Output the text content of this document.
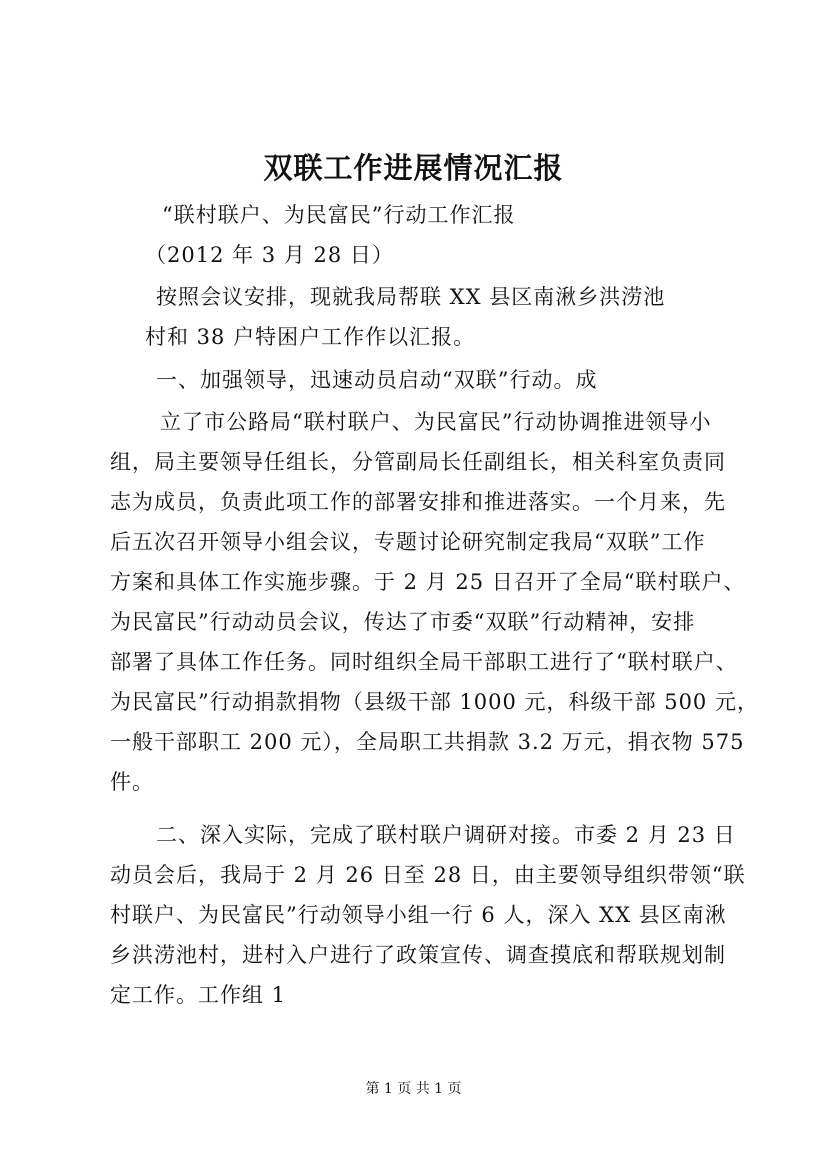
双联工作进展情况汇报
“联村联户、为民富民”行动工作汇报
（2012 年 3 月 28 日）
按照会议安排，现就我局帮联 XX 县区南湫乡洪涝池
村和 38 户特困户工作作以汇报。
一、加强领导，迅速动员启动“双联”行动。成
立了市公路局“联村联户、为民富民”行动协调推进领导小
组，局主要领导任组长，分管副局长任副组长，相关科室负责同
志为成员，负责此项工作的部署安排和推进落实。一个月来，先
后五次召开领导小组会议，专题讨论研究制定我局“双联”工作
方案和具体工作实施步骤。于 2 月 25 日召开了全局“联村联户、
为民富民”行动动员会议，传达了市委“双联”行动精神，安排
部署了具体工作任务。同时组织全局干部职工进行了“联村联户、
为民富民”行动捐款捐物（县级干部 1000 元，科级干部 500 元，
一般干部职工 200 元），全局职工共捐款 3.2 万元，捐衣物 575
件。
二、深入实际，完成了联村联户调研对接。市委 2 月 23 日
动员会后，我局于 2 月 26 日至 28 日，由主要领导组织带领“联
村联户、为民富民”行动领导小组一行 6 人，深入 XX 县区南湫
乡洪涝池村，进村入户进行了政策宣传、调查摸底和帮联规划制
定工作。工作组 1
第 1 页 共 1 页
